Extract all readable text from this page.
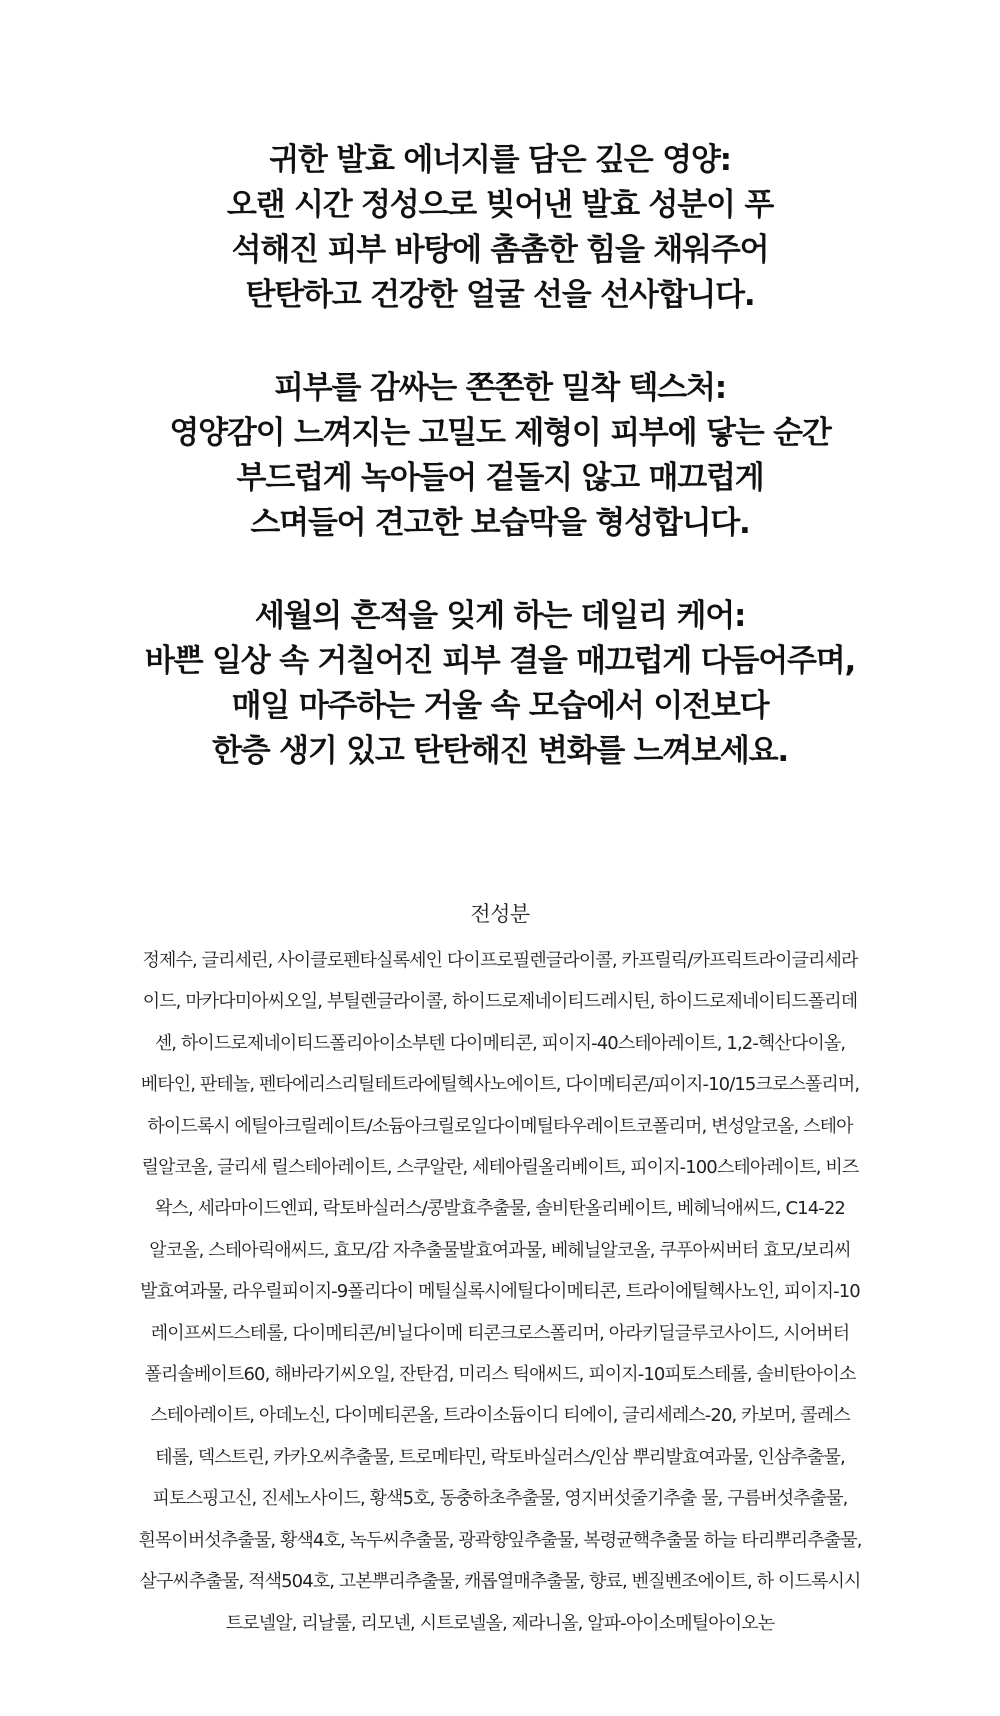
귀한 발효 에너지를 담은 깊은 영양:
오랜 시간 정성으로 빚어낸 발효 성분이 푸
석해진 피부 바탕에 촘촘한 힘을 채워주어
탄탄하고 건강한 얼굴 선을 선사합니다.
피부를 감싸는 쫀쫀한 밀착 텍스처:
영양감이 느껴지는 고밀도 제형이 피부에 닿는 순간
부드럽게 녹아들어 겉돌지 않고 매끄럽게
스며들어 견고한 보습막을 형성합니다.
세월의 흔적을 잊게 하는 데일리 케어:
바쁜 일상 속 거칠어진 피부 결을 매끄럽게 다듬어주며,
매일 마주하는 거울 속 모습에서 이전보다
한층 생기 있고 탄탄해진 변화를 느껴보세요.
전성분
정제수, 글리세린, 사이클로펜타실록세인 다이프로필렌글라이콜, 카프릴릭/카프릭트라이글리세라
이드, 마카다미아씨오일, 부틸렌글라이콜, 하이드로제네이티드레시틴, 하이드로제네이티드폴리데
센, 하이드로제네이티드폴리아이소부텐 다이메티콘, 피이지-40스테아레이트, 1,2-헥산다이올,
베타인, 판테놀, 펜타에리스리틸테트라에틸헥사노에이트, 다이메티콘/피이지-10/15크로스폴리머,
하이드록시 에틸아크릴레이트/소듐아크릴로일다이메틸타우레이트코폴리머, 변성알코올, 스테아
릴알코올, 글리세 릴스테아레이트, 스쿠알란, 세테아릴올리베이트, 피이지-100스테아레이트, 비즈
왁스, 세라마이드엔피, 락토바실러스/콩발효추출물, 솔비탄올리베이트, 베헤닉애씨드, C14-22
알코올, 스테아릭애씨드, 효모/감 자추출물발효여과물, 베헤닐알코올, 쿠푸아씨버터 효모/보리씨
발효여과물, 라우릴피이지-9폴리다이 메틸실록시에틸다이메티콘, 트라이에틸헥사노인, 피이지-10
레이프씨드스테롤, 다이메티콘/비닐다이메 티콘크로스폴리머, 아라키딜글루코사이드, 시어버터
폴리솔베이트60, 해바라기씨오일, 잔탄검, 미리스 틱애씨드, 피이지-10피토스테롤, 솔비탄아이소
스테아레이트, 아데노신, 다이메티콘올, 트라이소듐이디 티에이, 글리세레스-20, 카보머, 콜레스
테롤, 덱스트린, 카카오씨추출물, 트로메타민, 락토바실러스/인삼 뿌리발효여과물, 인삼추출물,
피토스핑고신, 진세노사이드, 황색5호, 동충하초추출물, 영지버섯줄기추출 물, 구름버섯추출물,
흰목이버섯추출물, 황색4호, 녹두씨추출물, 광곽향잎추출물, 복령균핵추출물 하늘 타리뿌리추출물,
살구씨추출물, 적색504호, 고본뿌리추출물, 캐롭열매추출물, 향료, 벤질벤조에이트, 하 이드록시시
트로넬알, 리날룰, 리모넨, 시트로넬올, 제라니올, 알파-아이소메틸아이오논
